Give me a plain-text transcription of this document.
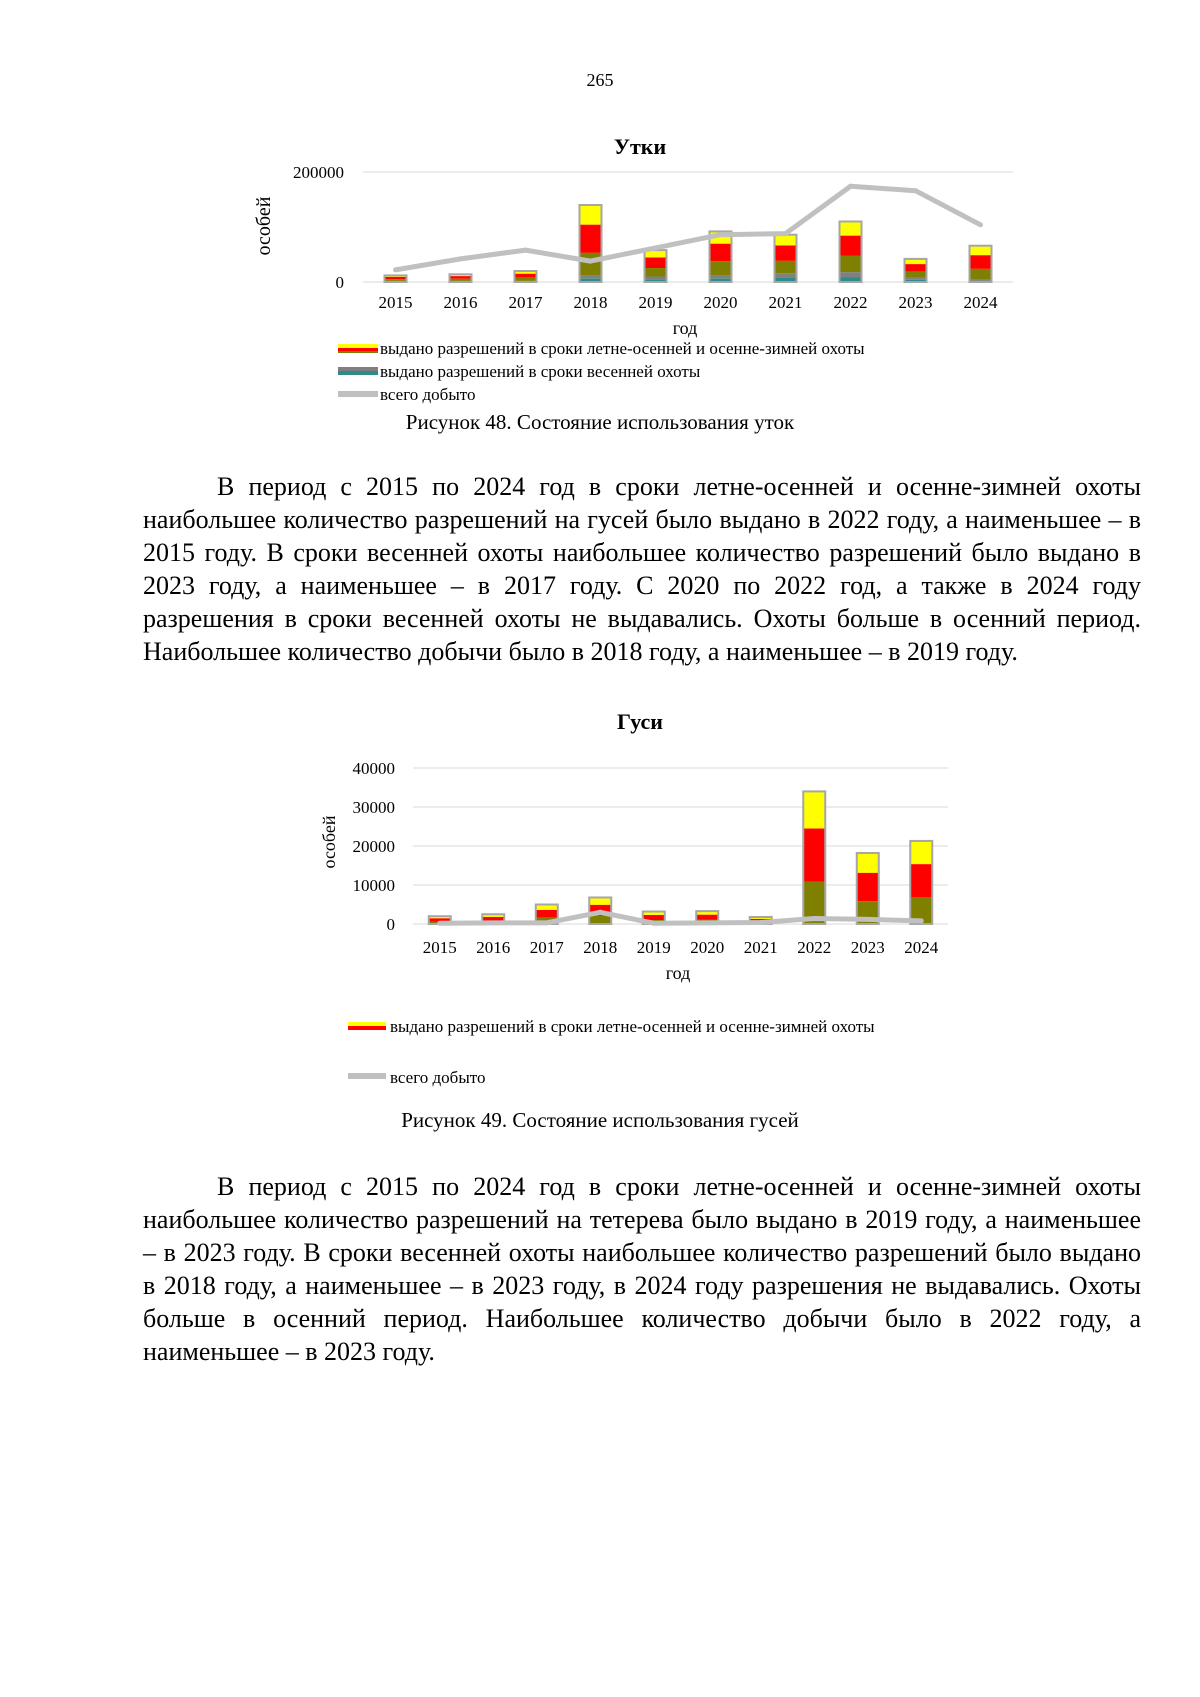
265
Утки
0
200000
особей
2015 2016 2017 2018 2019 2020 2021 2022 2023 2024
год
выдано разрешений в сроки летне-осенней и осенне-зимней охоты
выдано разрешений в сроки весенней охоты
всего добыто
Рисунок 48. Состояние использования уток

В период с 2015 по 2024 год в сроки летне-осенней и осенне-зимней охоты наибольшее количество разрешений на гусей было выдано в 2022 году, а наименьшее – в 2015 году. В сроки весенней охоты наибольшее количество разрешений было выдано в 2023 году, а наименьшее – в 2017 году. С 2020 по 2022 год, а также в 2024 году разрешения в сроки весенней охоты не выдавались. Охоты больше в осенний период. Наибольшее количество добычи было в 2018 году, а наименьшее – в 2019 году.

Гуси
0
10000
20000
30000
40000
особей
2015 2016 2017 2018 2019 2020 2021 2022 2023 2024
год
выдано разрешений в сроки летне-осенней и осенне-зимней охоты
всего добыто
Рисунок 49. Состояние использования гусей

В период с 2015 по 2024 год в сроки летне-осенней и осенне-зимней охоты наибольшее количество разрешений на тетерева было выдано в 2019 году, а наименьшее – в 2023 году. В сроки весенней охоты наибольшее количество разрешений было выдано в 2018 году, а наименьшее – в 2023 году, в 2024 году разрешения не выдавались. Охоты больше в осенний период. Наибольшее количество добычи было в 2022 году, а наименьшее – в 2023 году.
